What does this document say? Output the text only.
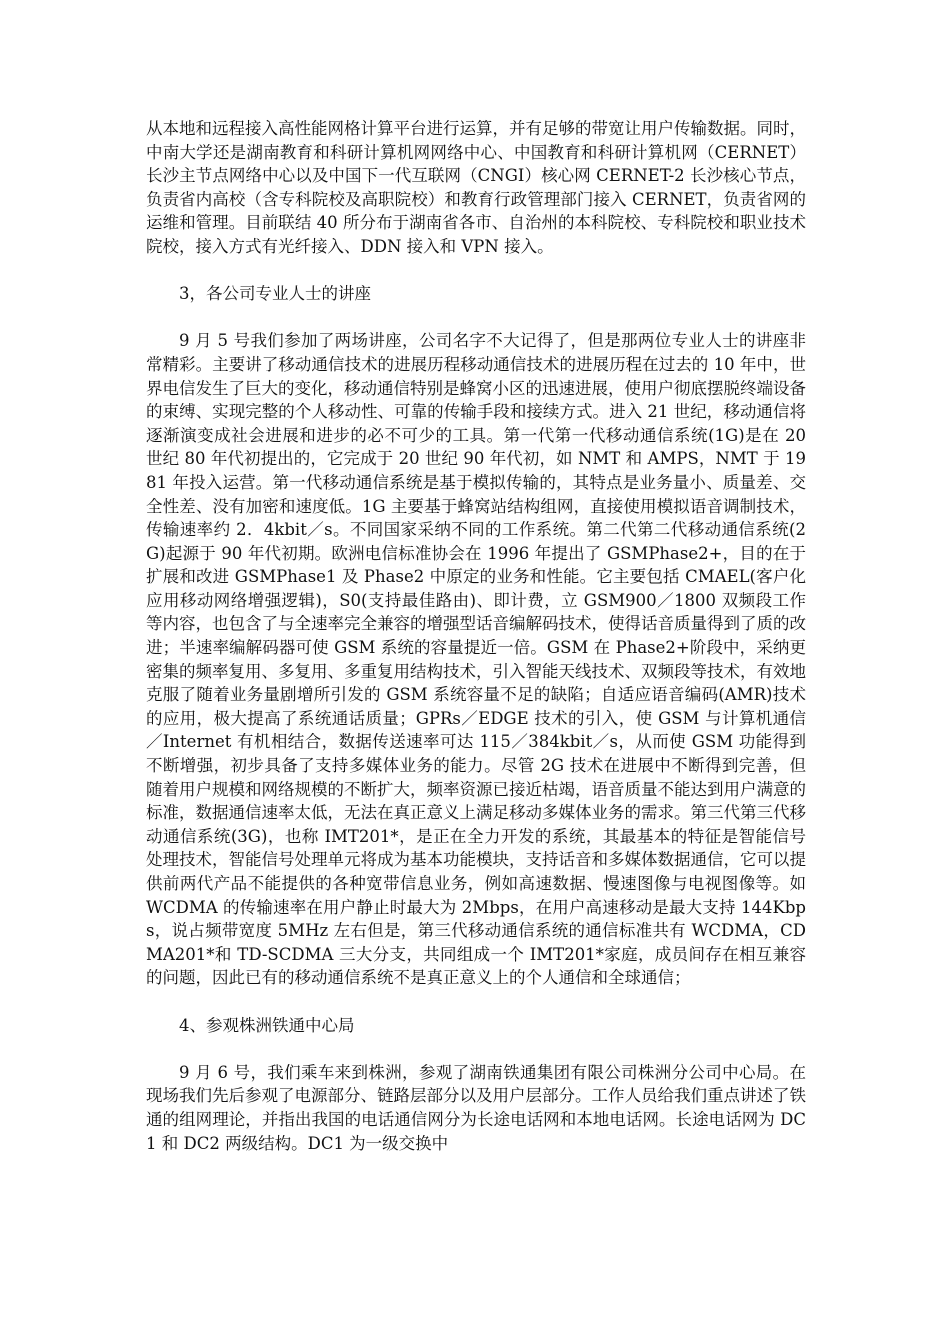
从本地和远程接入高性能网格计算平台进行运算，并有足够的带宽让用户传输数据。同时，中南大学还是湖南教育和科研计算机网网络中心、中国教育和科研计算机网（CERNET）长沙主节点网络中心以及中国下一代互联网（CNGI）核心网 CERNET-2 长沙核心节点，负责省内高校（含专科院校及高职院校）和教育行政管理部门接入 CERNET，负责省网的运维和管理。目前联结 40 所分布于湖南省各市、自治州的本科院校、专科院校和职业技术院校，接入方式有光纤接入、DDN 接入和 VPN 接入。

3，各公司专业人士的讲座

9 月 5 号我们参加了两场讲座，公司名字不大记得了，但是那两位专业人士的讲座非常精彩。主要讲了移动通信技术的进展历程移动通信技术的进展历程在过去的 10 年中，世界电信发生了巨大的变化，移动通信特别是蜂窝小区的迅速进展，使用户彻底摆脱终端设备的束缚、实现完整的个人移动性、可靠的传输手段和接续方式。进入 21 世纪，移动通信将逐渐演变成社会进展和进步的必不可少的工具。第一代第一代移动通信系统(1G)是在 20 世纪 80 年代初提出的，它完成于 20 世纪 90 年代初，如 NMT 和 AMPS，NMT 于 1981 年投入运营。第一代移动通信系统是基于模拟传输的，其特点是业务量小、质量差、交全性差、没有加密和速度低。1G 主要基于蜂窝站结构组网，直接使用模拟语音调制技术，传输速率约 2．4kbit／s。不同国家采纳不同的工作系统。第二代第二代移动通信系统(2G)起源于 90 年代初期。欧洲电信标准协会在 1996 年提出了 GSMPhase2+，目的在于扩展和改进 GSMPhase1 及 Phase2 中原定的业务和性能。它主要包括 CMAEL(客户化应用移动网络增强逻辑)，S0(支持最佳路由)、即计费，立 GSM900／1800 双频段工作等内容，也包含了与全速率完全兼容的增强型话音编解码技术，使得话音质量得到了质的改进；半速率编解码器可使 GSM 系统的容量提近一倍。GSM 在 Phase2+阶段中，采纳更密集的频率复用、多复用、多重复用结构技术，引入智能天线技术、双频段等技术，有效地克服了随着业务量剧增所引发的 GSM 系统容量不足的缺陷；自适应语音编码(AMR)技术的应用，极大提高了系统通话质量；GPRs／EDGE 技术的引入，使 GSM 与计算机通信／Internet 有机相结合，数据传送速率可达 115／384kbit／s，从而使 GSM 功能得到不断增强，初步具备了支持多媒体业务的能力。尽管 2G 技术在进展中不断得到完善，但随着用户规模和网络规模的不断扩大，频率资源已接近枯竭，语音质量不能达到用户满意的标准，数据通信速率太低，无法在真正意义上满足移动多媒体业务的需求。第三代第三代移动通信系统(3G)，也称 IMT201*，是正在全力开发的系统，其最基本的特征是智能信号处理技术，智能信号处理单元将成为基本功能模块，支持话音和多媒体数据通信，它可以提供前两代产品不能提供的各种宽带信息业务，例如高速数据、慢速图像与电视图像等。如 WCDMA 的传输速率在用户静止时最大为 2Mbps，在用户高速移动是最大支持 144Kbps，说占频带宽度 5MHz 左右但是，第三代移动通信系统的通信标准共有 WCDMA，CDMA201*和 TD-SCDMA 三大分支，共同组成一个 IMT201*家庭，成员间存在相互兼容的问题，因此已有的移动通信系统不是真正意义上的个人通信和全球通信；

4、参观株洲铁通中心局

9 月 6 号，我们乘车来到株洲，参观了湖南铁通集团有限公司株洲分公司中心局。在现场我们先后参观了电源部分、链路层部分以及用户层部分。工作人员给我们重点讲述了铁通的组网理论，并指出我国的电话通信网分为长途电话网和本地电话网。长途电话网为 DC1 和 DC2 两级结构。DC1 为一级交换中
